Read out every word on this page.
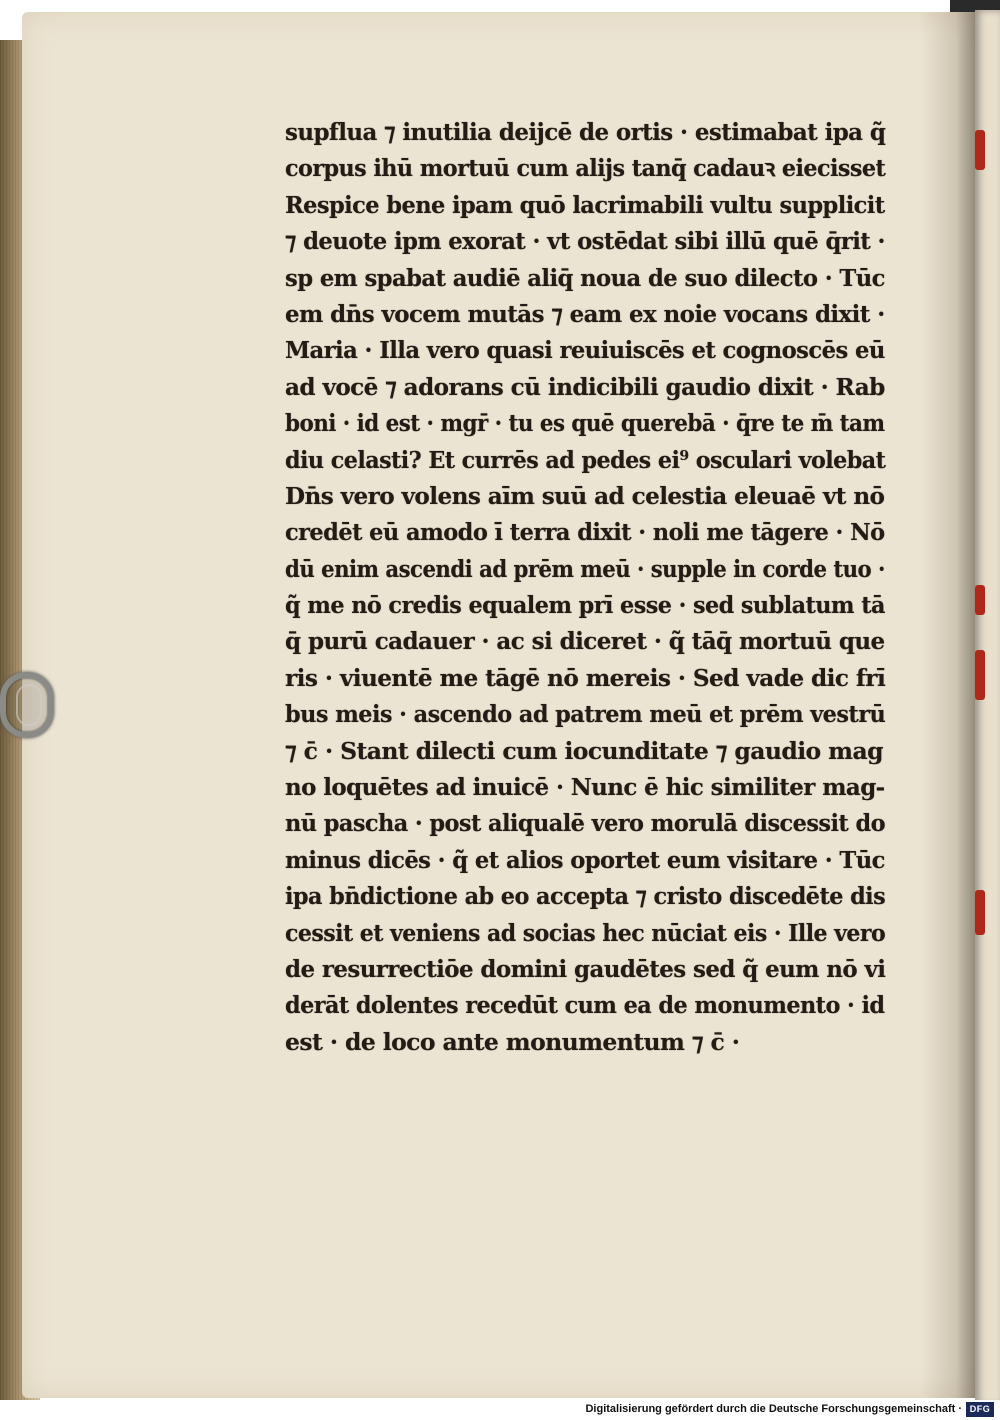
supflua ⁊ inutilia deijcē de ortis · estimabat ipa q̃
corpus ihū mortuū cum alijs tanq̄ cadauꝛ eiecisset
Respice bene ipam quō lacrimabili vultu supplicit
⁊ deuote ipm exorat · vt ostēdat sibi illū quē q̄rit ·
sp em spabat audiē aliq̄ noua de suo dilecto · Tūc
em dn̄s vocem mutās ⁊ eam ex noie vocans dixit ·
Maria · Illa vero quasi reuiuiscēs et cognoscēs eū
ad vocē ⁊ adorans cū indicibili gaudio dixit · Rab
boni · id est · mgr̄ · tu es quē querebā · q̄re te m̄ tam
diu celasti? Et currēs ad pedes ei⁹ osculari volebat
Dn̄s vero volens aīm suū ad celestia eleuaē vt nō
credēt eū amodo ī terra dixit · noli me tāgere · Nō
dū enim ascendi ad prēm meū · supple in corde tuo ·
q̃ me nō credis equalem prī esse · sed sublatum tā
q̄ purū cadauer · ac si diceret · q̃ tāq̄ mortuū que
ris · viuentē me tāgē nō mereis · Sed vade dic frī
bus meis · ascendo ad patrem meū et prēm vestrū
⁊ c̄ · Stant dilecti cum iocunditate ⁊ gaudio mag
no loquētes ad inuicē · Nunc ē hic similiter mag-
nū pascha · post aliqualē vero morulā discessit do
minus dicēs · q̃ et alios oportet eum visitare · Tūc
ipa bn̄dictione ab eo accepta ⁊ cristo discedēte dis
cessit et veniens ad socias hec nūciat eis · Ille vero
de resurrectiōe domini gaudētes sed q̃ eum nō vi
derāt dolentes recedūt cum ea de monumento · id
est · de loco ante monumentum ⁊ c̄ ·
Digitalisierung gefördert durch die Deutsche Forschungsgemeinschaft · DFG
